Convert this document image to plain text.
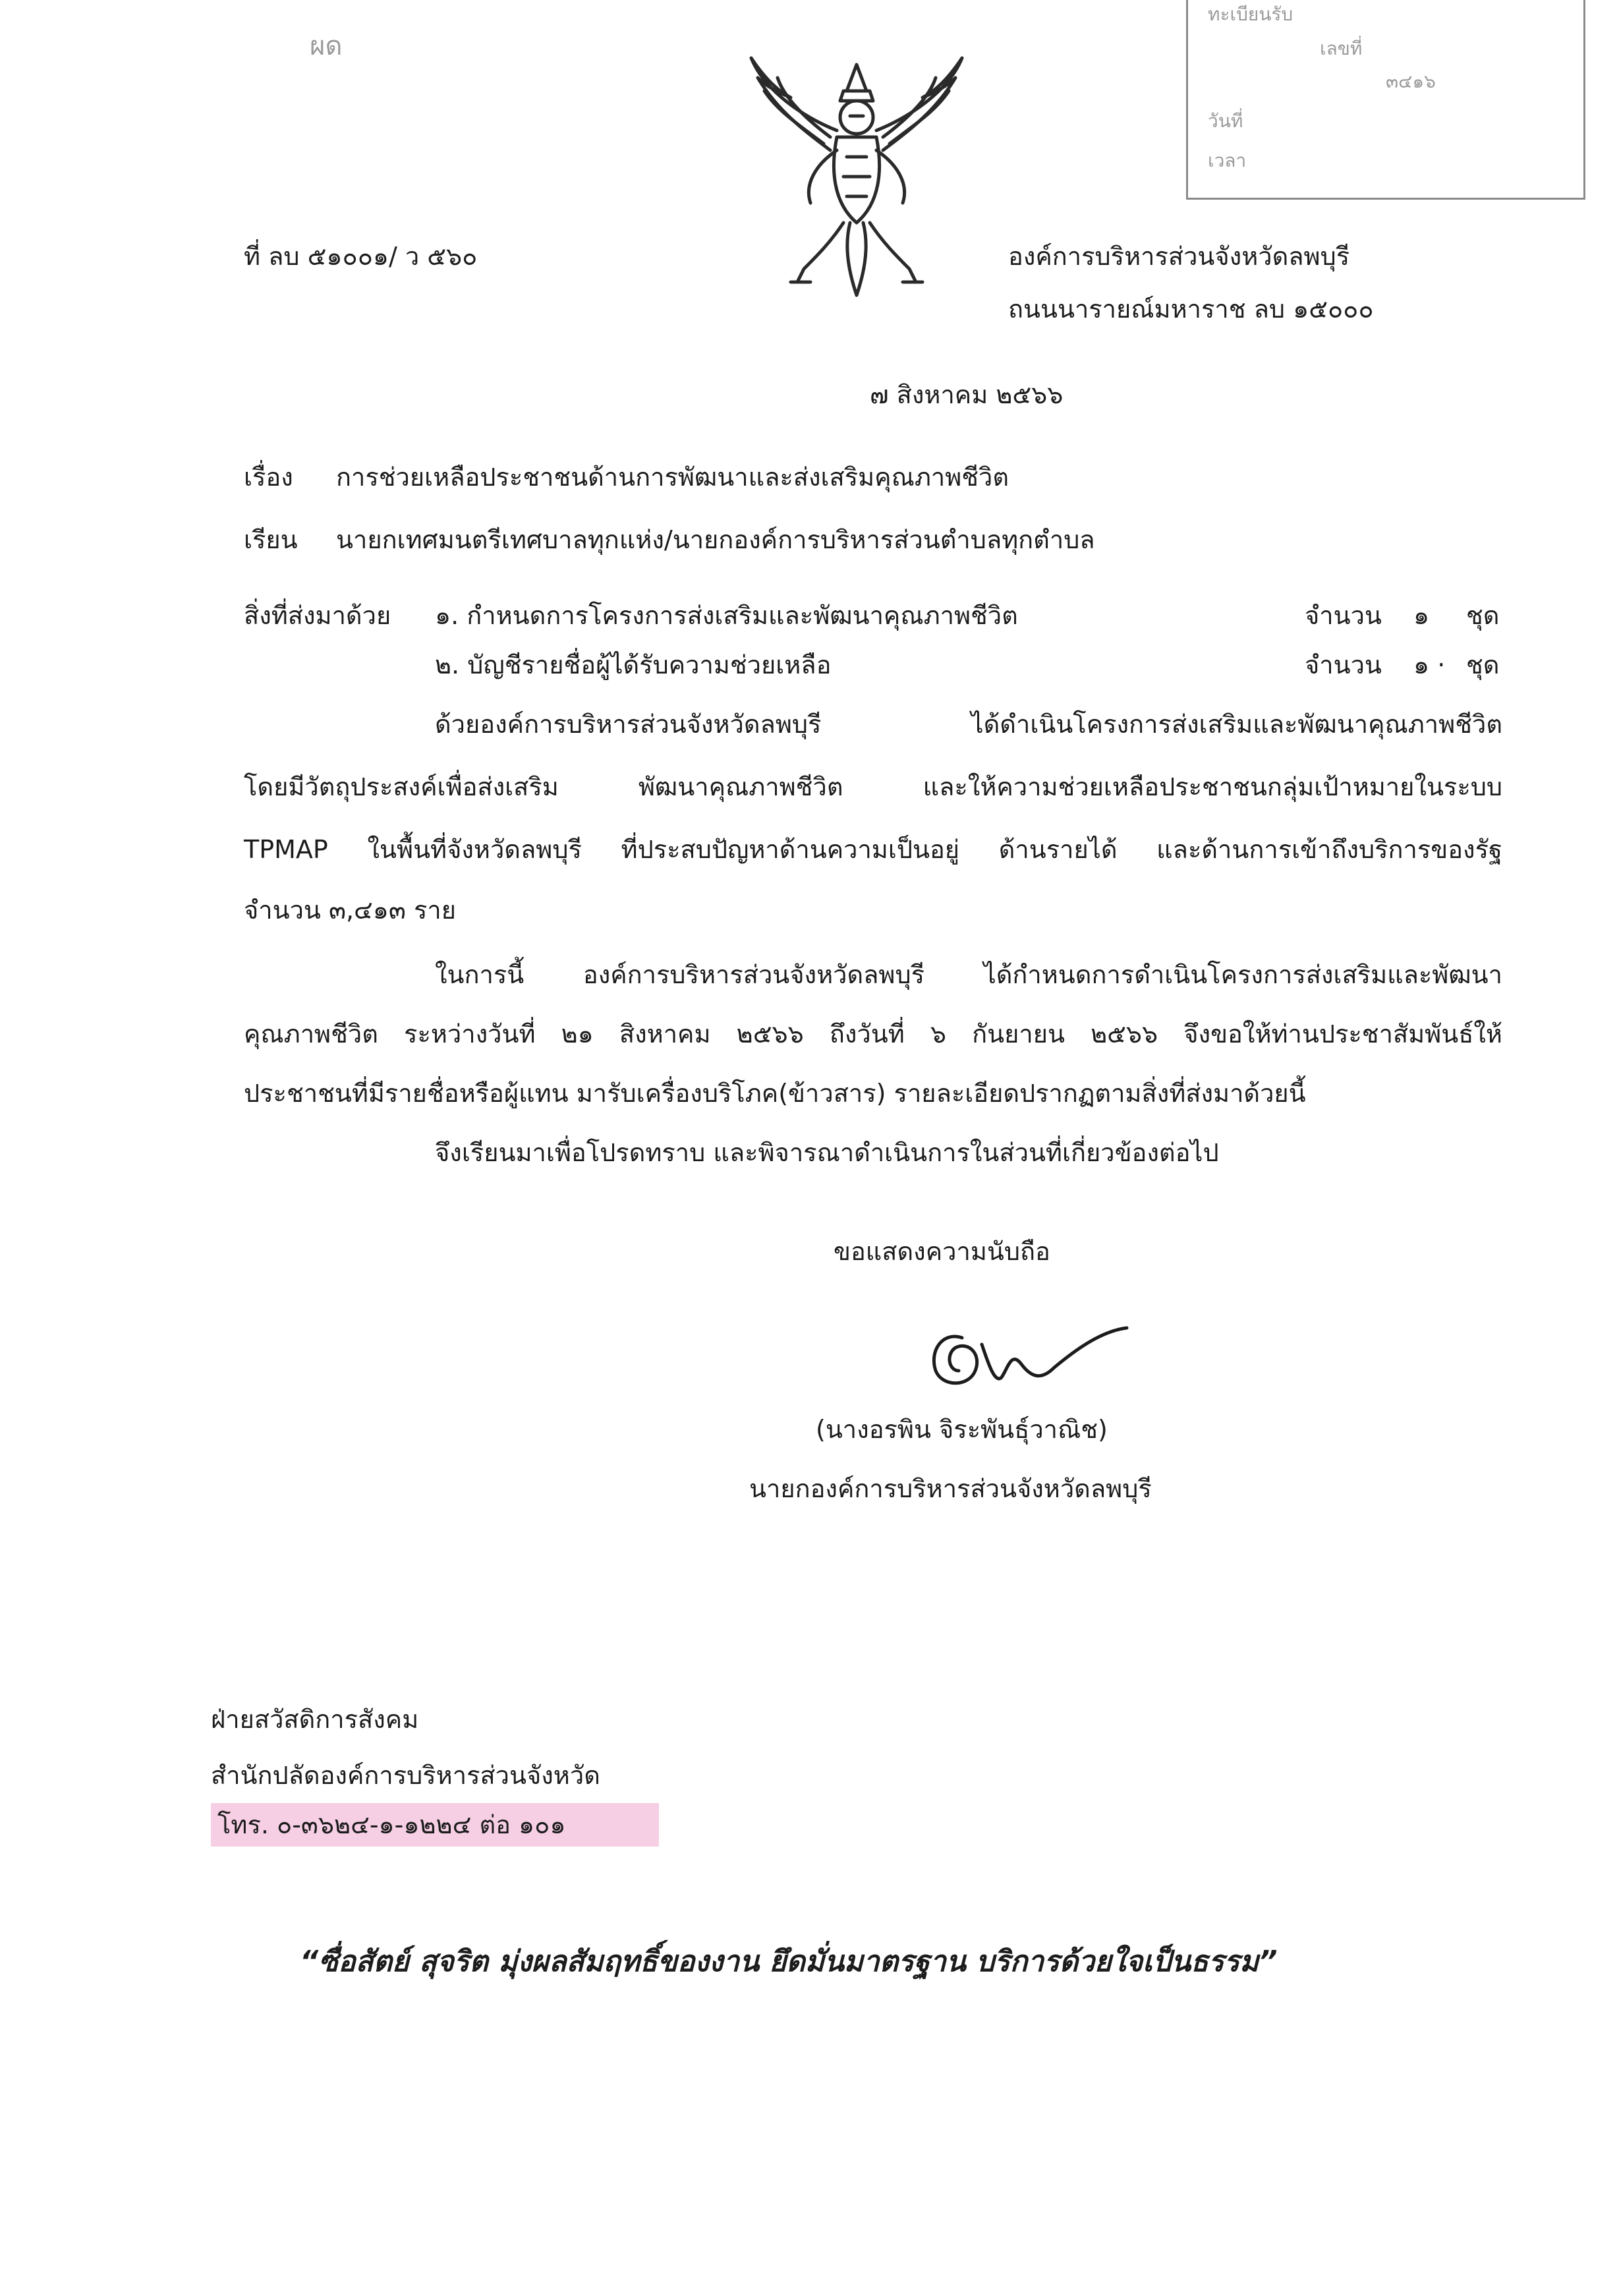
ทะเบียนรับ
เลขที่
๓๔๑๖
วันที่
เวลา
ผด
ที่ ลบ ๕๑๐๐๑/ ว ๕๖๐	องค์การบริหารส่วนจังหวัดลพบุรี
ถนนนารายณ์มหาราช ลบ ๑๕๐๐๐
๗ สิงหาคม ๒๕๖๖
เรื่อง การช่วยเหลือประชาชนด้านการพัฒนาและส่งเสริมคุณภาพชีวิต
เรียน นายกเทศมนตรีเทศบาลทุกแห่ง/นายกองค์การบริหารส่วนตำบลทุกตำบล
สิ่งที่ส่งมาด้วย ๑. กำหนดการโครงการส่งเสริมและพัฒนาคุณภาพชีวิต	จำนวน ๑ ชุด
๒. บัญชีรายชื่อผู้ได้รับความช่วยเหลือ	จำนวน ๑ · ชุด
ด้วยองค์การบริหารส่วนจังหวัดลพบุรี ได้ดำเนินโครงการส่งเสริมและพัฒนาคุณภาพชีวิต
โดยมีวัตถุประสงค์เพื่อส่งเสริม พัฒนาคุณภาพชีวิต และให้ความช่วยเหลือประชาชนกลุ่มเป้าหมายในระบบ
TPMAP ในพื้นที่จังหวัดลพบุรี ที่ประสบปัญหาด้านความเป็นอยู่ ด้านรายได้ และด้านการเข้าถึงบริการของรัฐ
จำนวน ๓,๔๑๓ ราย
ในการนี้ องค์การบริหารส่วนจังหวัดลพบุรี ได้กำหนดการดำเนินโครงการส่งเสริมและพัฒนา
คุณภาพชีวิต ระหว่างวันที่ ๒๑ สิงหาคม ๒๕๖๖ ถึงวันที่ ๖ กันยายน ๒๕๖๖ จึงขอให้ท่านประชาสัมพันธ์ให้
ประชาชนที่มีรายชื่อหรือผู้แทน มารับเครื่องบริโภค(ข้าวสาร) รายละเอียดปรากฏตามสิ่งที่ส่งมาด้วยนี้
จึงเรียนมาเพื่อโปรดทราบ และพิจารณาดำเนินการในส่วนที่เกี่ยวข้องต่อไป
ขอแสดงความนับถือ
(นางอรพิน จิระพันธุ์วาณิช)
นายกองค์การบริหารส่วนจังหวัดลพบุรี
ฝ่ายสวัสดิการสังคม
สำนักปลัดองค์การบริหารส่วนจังหวัด
โทร. ๐-๓๖๒๔-๑-๑๒๒๔ ต่อ ๑๐๑
“ซื่อสัตย์ สุจริต มุ่งผลสัมฤทธิ์ของงาน ยึดมั่นมาตรฐาน บริการด้วยใจเป็นธรรม”
